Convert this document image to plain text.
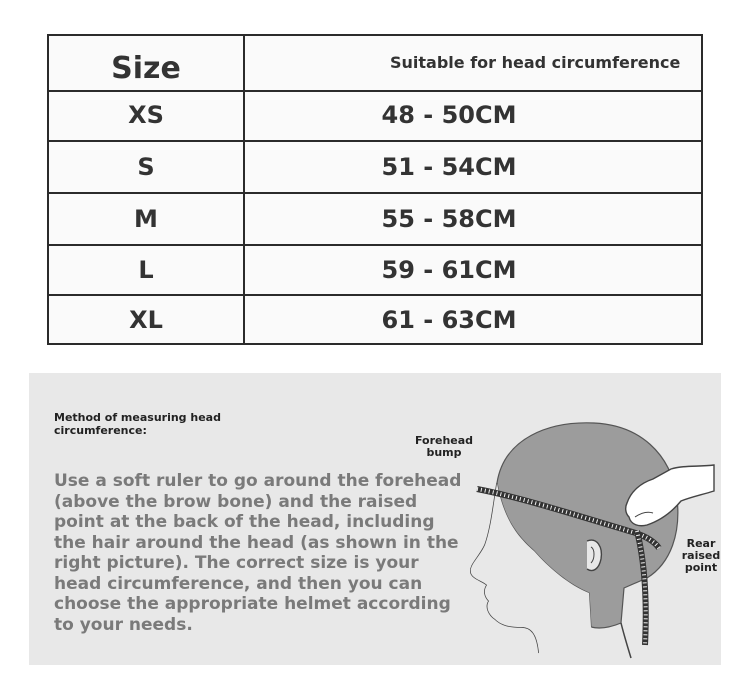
Size	Suitable for head circumference
XS	48 - 50CM
S	51 - 54CM
M	55 - 58CM
L	59 - 61CM
XL	61 - 63CM
Method of measuring head circumference:
Use a soft ruler to go around the forehead (above the brow bone) and the raised point at the back of the head, including the hair around the head (as shown in the right picture). The correct size is your head circumference, and then you can choose the appropriate helmet according to your needs.
Forehead bump
Rear raised point
